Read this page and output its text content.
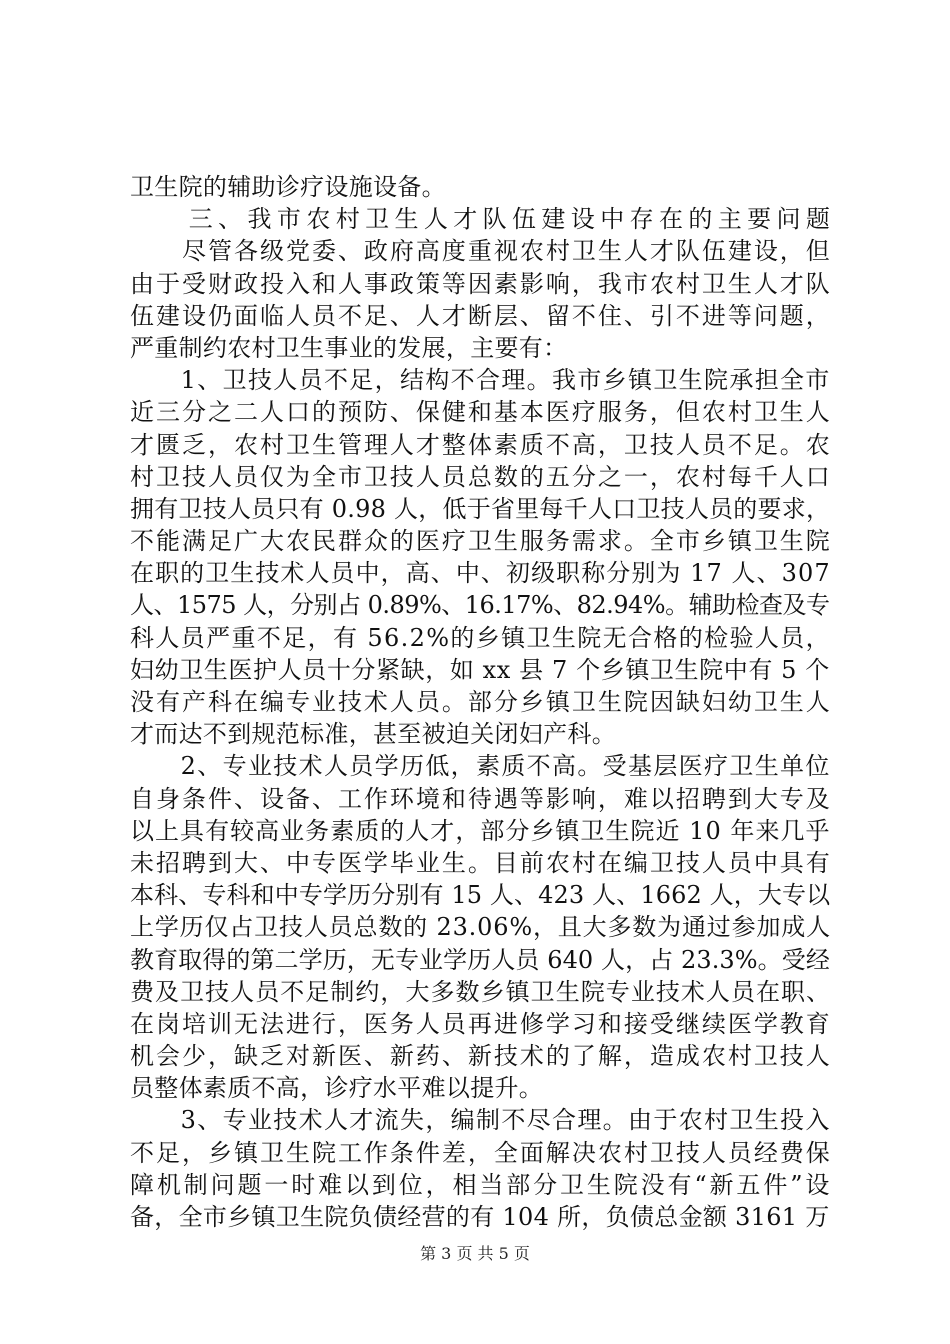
卫生院的辅助诊疗设施设备。
　　三、我市农村卫生人才队伍建设中存在的主要问题
　　尽管各级党委、政府高度重视农村卫生人才队伍建设，但
由于受财政投入和人事政策等因素影响，我市农村卫生人才队
伍建设仍面临人员不足、人才断层、留不住、引不进等问题，
严重制约农村卫生事业的发展，主要有：
　　1、卫技人员不足，结构不合理。我市乡镇卫生院承担全市
近三分之二人口的预防、保健和基本医疗服务，但农村卫生人
才匮乏，农村卫生管理人才整体素质不高，卫技人员不足。农
村卫技人员仅为全市卫技人员总数的五分之一，农村每千人口
拥有卫技人员只有 0.98 人，低于省里每千人口卫技人员的要求，
不能满足广大农民群众的医疗卫生服务需求。全市乡镇卫生院
在职的卫生技术人员中，高、中、初级职称分别为 17 人、307
人、1575 人，分别占 0.89%、16.17%、82.94%。辅助检查及专
科人员严重不足，有 56.2%的乡镇卫生院无合格的检验人员，
妇幼卫生医护人员十分紧缺，如 xx 县 7 个乡镇卫生院中有 5 个
没有产科在编专业技术人员。部分乡镇卫生院因缺妇幼卫生人
才而达不到规范标准，甚至被迫关闭妇产科。
　　2、专业技术人员学历低，素质不高。受基层医疗卫生单位
自身条件、设备、工作环境和待遇等影响，难以招聘到大专及
以上具有较高业务素质的人才，部分乡镇卫生院近 10 年来几乎
未招聘到大、中专医学毕业生。目前农村在编卫技人员中具有
本科、专科和中专学历分别有 15 人、423 人、1662 人，大专以
上学历仅占卫技人员总数的 23.06%，且大多数为通过参加成人
教育取得的第二学历，无专业学历人员 640 人，占 23.3%。受经
费及卫技人员不足制约，大多数乡镇卫生院专业技术人员在职、
在岗培训无法进行，医务人员再进修学习和接受继续医学教育
机会少，缺乏对新医、新药、新技术的了解，造成农村卫技人
员整体素质不高，诊疗水平难以提升。
　　3、专业技术人才流失，编制不尽合理。由于农村卫生投入
不足，乡镇卫生院工作条件差，全面解决农村卫技人员经费保
障机制问题一时难以到位，相当部分卫生院没有“新五件”设
备，全市乡镇卫生院负债经营的有 104 所，负债总金额 3161 万
第 3 页 共 5 页
